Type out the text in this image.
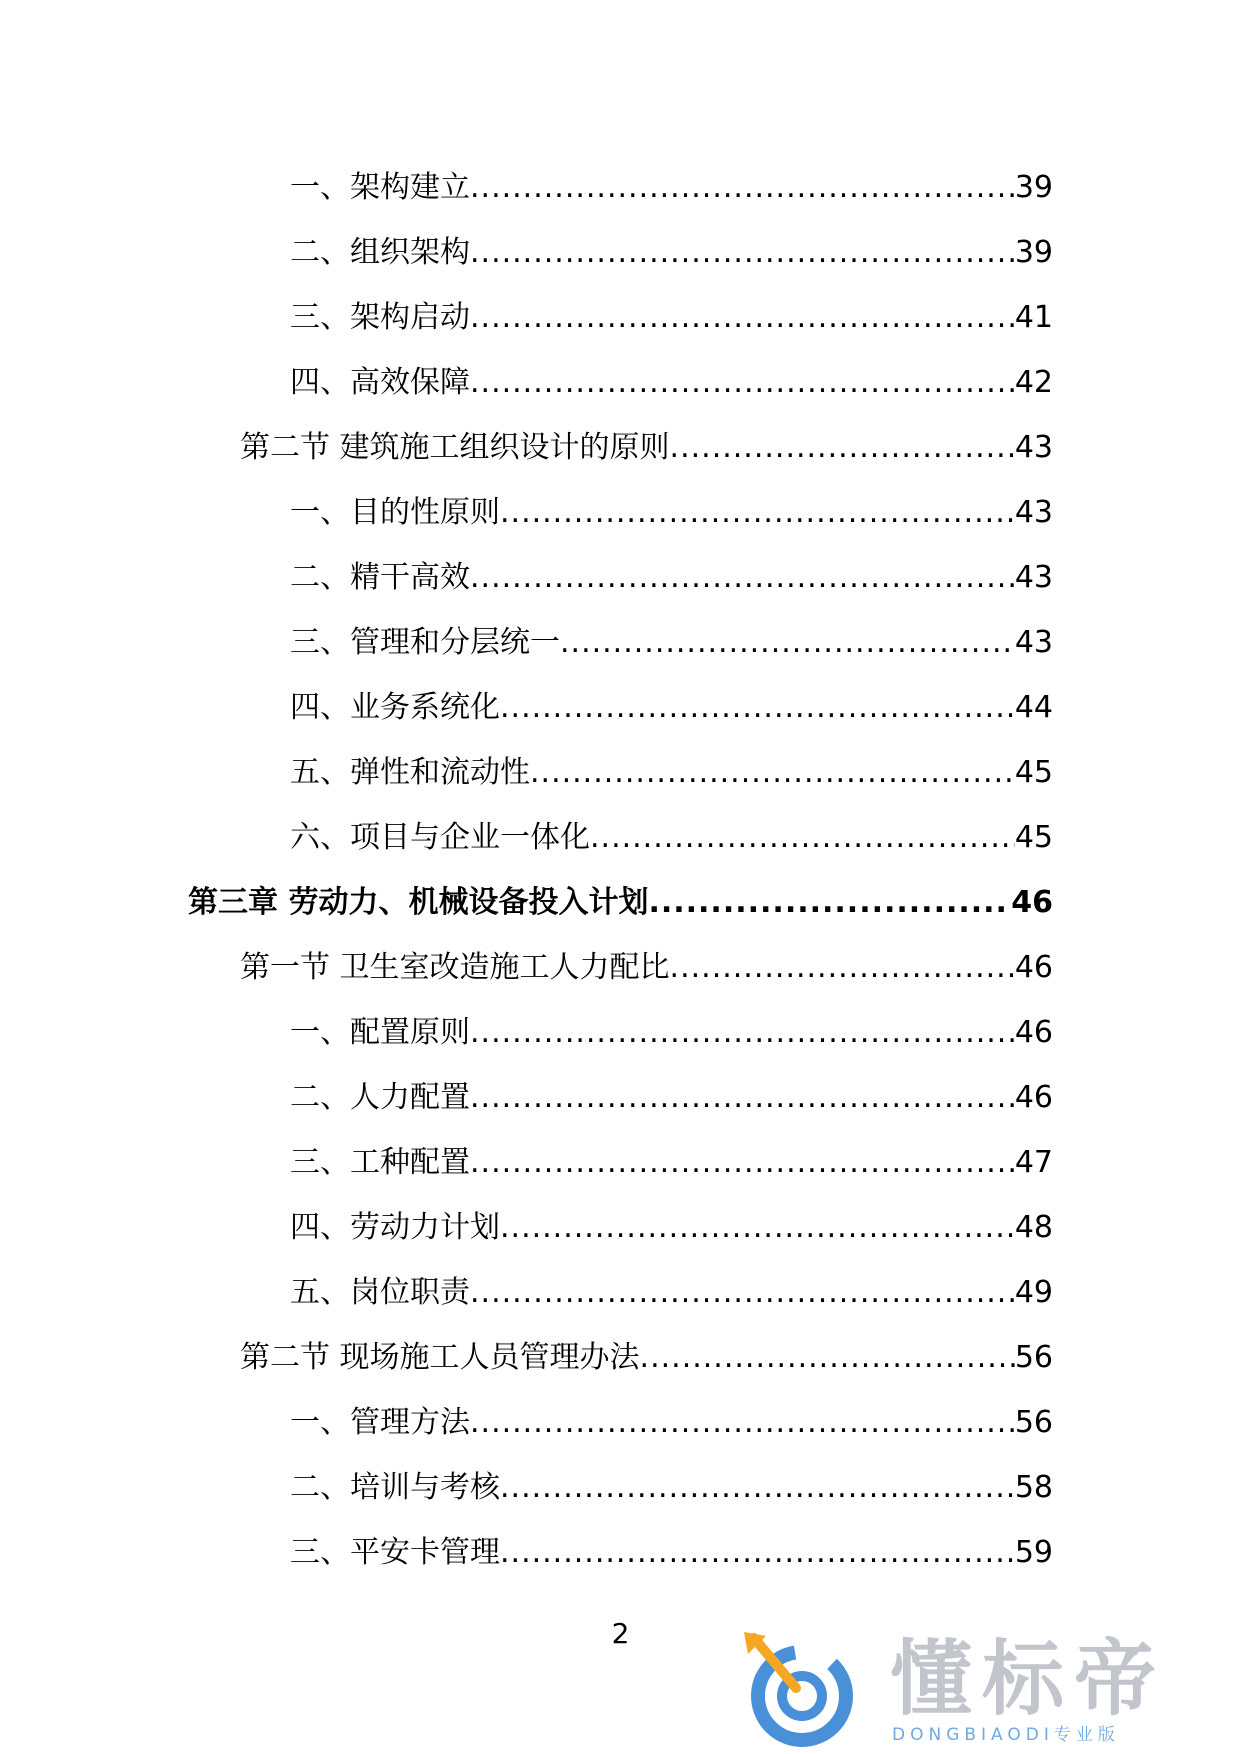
一、架构建立 .....	39
二、组织架构 .....	39
三、架构启动 .....	41
四、高效保障 .....	42
第二节 建筑施工组织设计的原则 .....	43
一、目的性原则 .....	43
二、精干高效 .....	43
三、管理和分层统一 .....	43
四、业务系统化 .....	44
五、弹性和流动性 .....	45
六、项目与企业一体化 .....	45
第三章 劳动力、机械设备投入计划 .....	46
第一节 卫生室改造施工人力配比 .....	46
一、配置原则 .....	46
二、人力配置 .....	46
三、工种配置 .....	47
四、劳动力计划 .....	48
五、岗位职责 .....	49
第二节 现场施工人员管理办法 .....	56
一、管理方法 .....	56
二、培训与考核 .....	58
三、平安卡管理 .....	59
2	懂标帝
DONGBIAODI专业版
